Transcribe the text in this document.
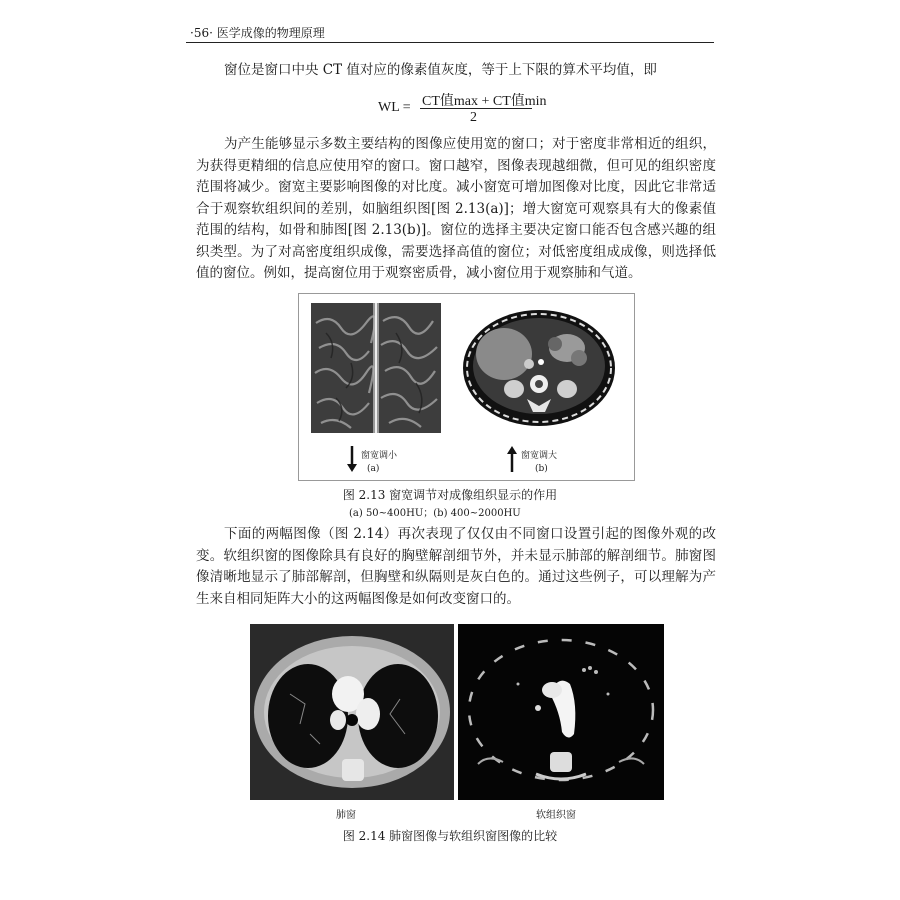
·56· 医学成像的物理原理
窗位是窗口中央 CT 值对应的像素值灰度，等于上下限的算术平均值，即
WL = CT值max + CT值min
2
为产生能够显示多数主要结构的图像应使用宽的窗口；对于密度非常相近的组织，为获得更精细的信息应使用窄的窗口。窗口越窄，图像表现越细微，但可见的组织密度范围将减少。窗宽主要影响图像的对比度。减小窗宽可增加图像对比度，因此它非常适合于观察软组织间的差别，如脑组织图[图 2.13(a)]；增大窗宽可观察具有大的像素值范围的结构，如骨和肺图[图 2.13(b)]。窗位的选择主要决定窗口能否包含感兴趣的组织类型。为了对高密度组织成像，需要选择高值的窗位；对低密度组成成像，则选择低值的窗位。例如，提高窗位用于观察密质骨，减小窗位用于观察肺和气道。
窗宽调小
(a)
窗宽调大
(b)
图 2.13 窗宽调节对成像组织显示的作用
(a) 50~400HU；(b) 400~2000HU
下面的两幅图像（图 2.14）再次表现了仅仅由不同窗口设置引起的图像外观的改变。软组织窗的图像除具有良好的胸壁解剖细节外，并未显示肺部的解剖细节。肺窗图像清晰地显示了肺部解剖，但胸壁和纵隔则是灰白色的。通过这些例子，可以理解为产生来自相同矩阵大小的这两幅图像是如何改变窗口的。
肺窗	软组织窗
图 2.14 肺窗图像与软组织窗图像的比较
